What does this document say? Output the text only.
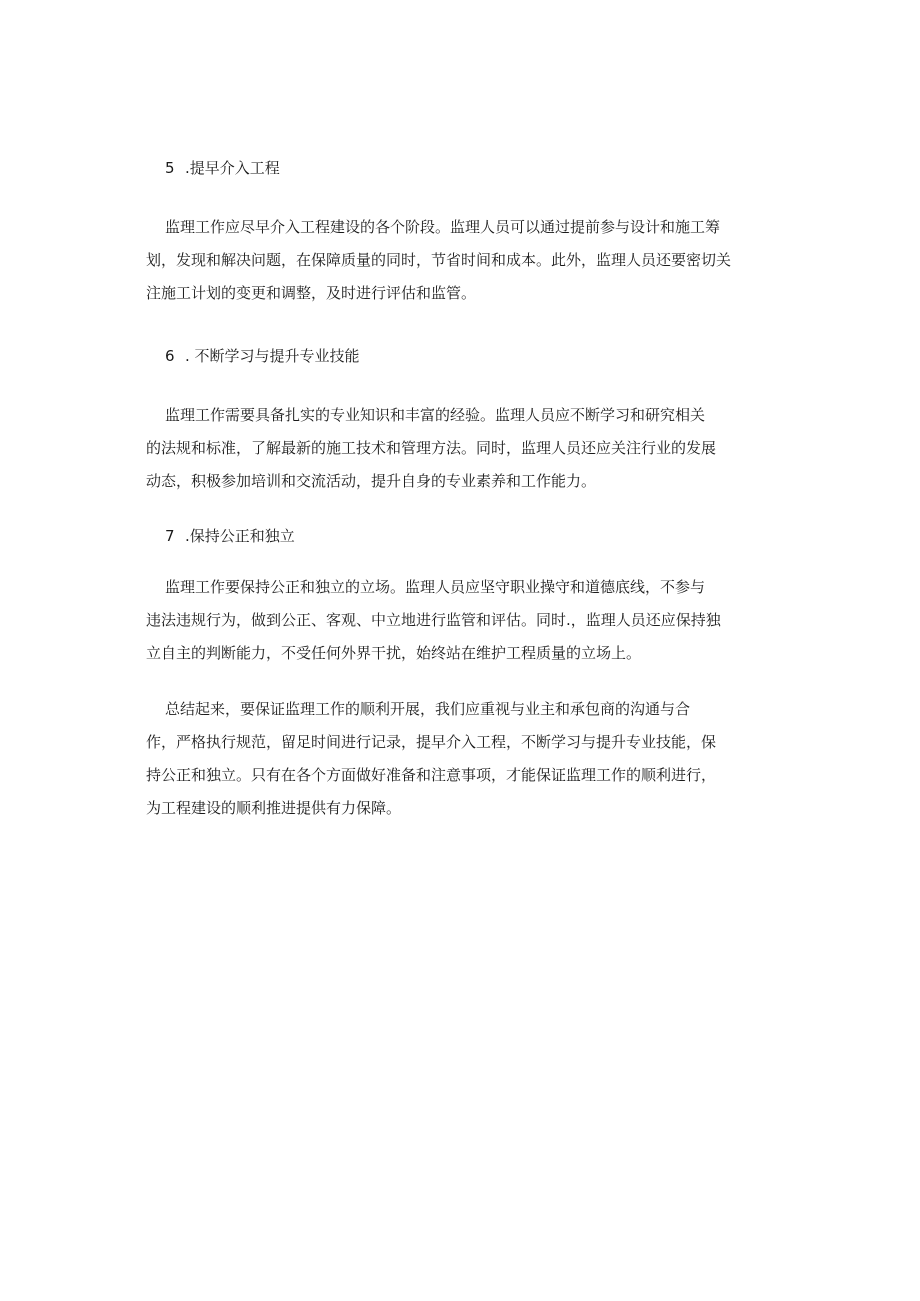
5 .提早介入工程
监理工作应尽早介入工程建设的各个阶段。监理人员可以通过提前参与设计和施工筹
划，发现和解决问题，在保障质量的同时，节省时间和成本。此外，监理人员还要密切关
注施工计划的变更和调整，及时进行评估和监管。
6 . 不断学习与提升专业技能
监理工作需要具备扎实的专业知识和丰富的经验。监理人员应不断学习和研究相关
的法规和标准，了解最新的施工技术和管理方法。同时，监理人员还应关注行业的发展
动态，积极参加培训和交流活动，提升自身的专业素养和工作能力。
7 .保持公正和独立
监理工作要保持公正和独立的立场。监理人员应坚守职业操守和道德底线，不参与
违法违规行为，做到公正、客观、中立地进行监管和评估。同时.，监理人员还应保持独
立自主的判断能力，不受任何外界干扰，始终站在维护工程质量的立场上。
总结起来，要保证监理工作的顺利开展，我们应重视与业主和承包商的沟通与合
作，严格执行规范，留足时间进行记录，提早介入工程，不断学习与提升专业技能，保
持公正和独立。只有在各个方面做好准备和注意事项，才能保证监理工作的顺利进行，
为工程建设的顺利推进提供有力保障。
